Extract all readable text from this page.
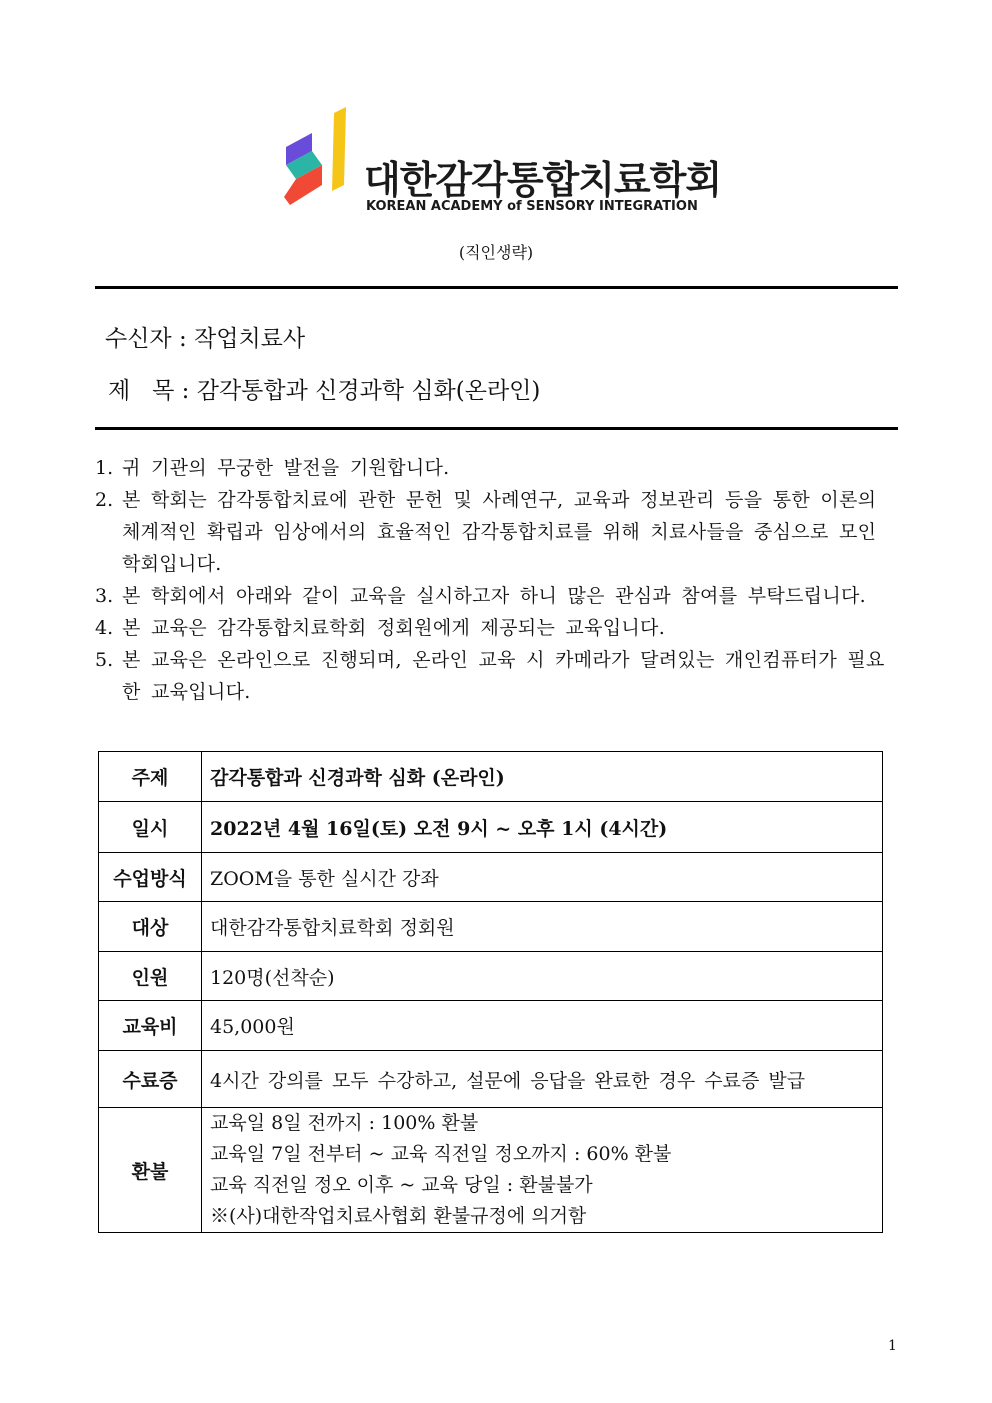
대한감각통합치료학회
KOREAN ACADEMY of SENSORY INTEGRATION
(직인생략)
수신자 : 작업치료사
제   목 : 감각통합과 신경과학 심화(온라인)
1. 귀 기관의 무궁한 발전을 기원합니다.
2. 본 학회는 감각통합치료에 관한 문헌 및 사례연구, 교육과 정보관리 등을 통한 이론의 체계적인 확립과 임상에서의 효율적인 감각통합치료를 위해 치료사들을 중심으로 모인 학회입니다.
3. 본 학회에서 아래와 같이 교육을 실시하고자 하니 많은 관심과 참여를 부탁드립니다.
4. 본 교육은 감각통합치료학회 정회원에게 제공되는 교육입니다.
5. 본 교육은 온라인으로 진행되며, 온라인 교육 시 카메라가 달려있는 개인컴퓨터가 필요한 교육입니다.
주제	감각통합과 신경과학 심화 (온라인)
일시	2022년 4월 16일(토) 오전 9시 ~ 오후 1시 (4시간)
수업방식	ZOOM을 통한 실시간 강좌
대상	대한감각통합치료학회 정회원
인원	120명(선착순)
교육비	45,000원
수료증	4시간 강의를 모두 수강하고, 설문에 응답을 완료한 경우 수료증 발급
환불	교육일 8일 전까지 : 100% 환불
교육일 7일 전부터 ~ 교육 직전일 정오까지 : 60% 환불
교육 직전일 정오 이후 ~ 교육 당일 : 환불불가
※(사)대한작업치료사협회 환불규정에 의거함
1
